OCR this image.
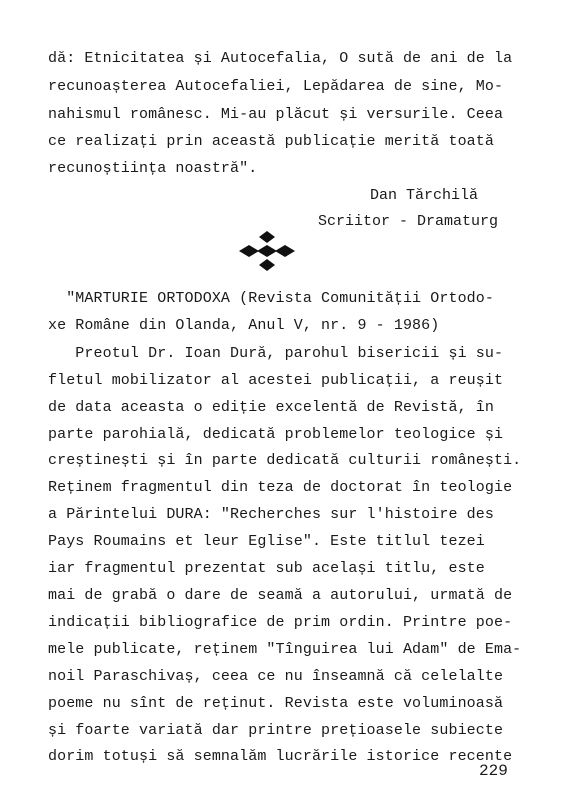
dă: Etnicitatea și Autocefalia, O sută de ani de la
recunoașterea Autocefaliei, Lepădarea de sine, Mo-
nahismul românesc. Mi-au plăcut și versurile. Ceea
ce realizați prin această publicație merită toată
recunoștiința noastră".
Dan Tărchilă
Scriitor - Dramaturg
"MARTURIE ORTODOXA (Revista Comunității Ortodo-
xe Române din Olanda, Anul V, nr. 9 - 1986)
Preotul Dr. Ioan Dură, parohul bisericii și su-
fletul mobilizator al acestei publicații, a reușit
de data aceasta o ediție excelentă de Revistă, în
parte parohială, dedicată problemelor teologice și
creștinești și în parte dedicată culturii românești.
Reținem fragmentul din teza de doctorat în teologie
a Părintelui DURA: "Recherches sur l'histoire des
Pays Roumains et leur Eglise". Este titlul tezei
iar fragmentul prezentat sub același titlu, este
mai de grabă o dare de seamă a autorului, urmată de
indicații bibliografice de prim ordin. Printre poe-
mele publicate, reținem "Tînguirea lui Adam" de Ema-
noil Paraschivaș, ceea ce nu înseamnă că celelalte
poeme nu sînt de reținut. Revista este voluminoasă
și foarte variată dar printre prețioasele subiecte
dorim totuși să semnalăm lucrările istorice recente
229
